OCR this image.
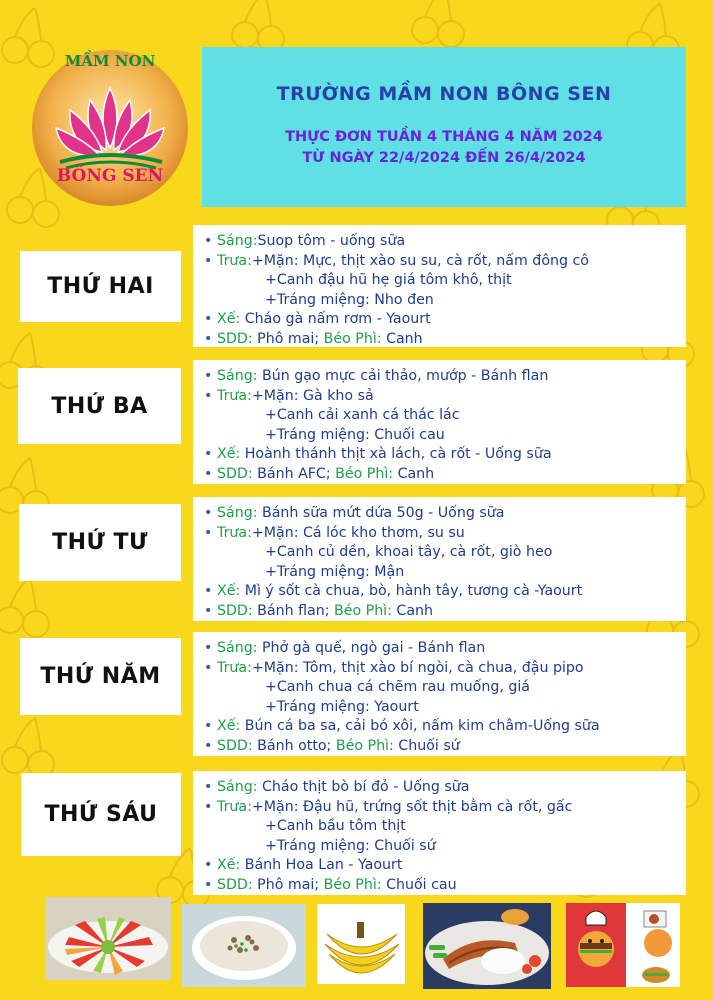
MẦM NON
BÔNG SEN
TRƯỜNG MẦM NON BÔNG SEN
THỰC ĐƠN TUẦN 4 THÁNG 4 NĂM 2024
TỪ NGÀY 22/4/2024 ĐẾN 26/4/2024
THỨ HAI
• Sáng:Suop tôm - uống sữa
• Trưa:+Mặn: Mực, thịt xào su su, cà rốt, nấm đông cô
+Canh đậu hũ hẹ giá tôm khô, thịt
+Tráng miệng: Nho đen
• Xế: Cháo gà nấm rơm - Yaourt
• SDD: Phô mai; Béo Phì: Canh
THỨ BA
• Sáng: Bún gạo mực cải thảo, mướp - Bánh flan
• Trưa:+Mặn: Gà kho sả
+Canh cải xanh cá thác lác
+Tráng miệng: Chuối cau
• Xế: Hoành thánh thịt xà lách, cà rốt - Uống sữa
• SDD: Bánh AFC; Béo Phì: Canh
THỨ TƯ
• Sáng: Bánh sữa mứt dứa 50g - Uống sữa
• Trưa:+Mặn: Cá lóc kho thơm, su su
+Canh củ dền, khoai tây, cà rốt, giò heo
+Tráng miệng: Mận
• Xế: Mì ý sốt cà chua, bò, hành tây, tương cà -Yaourt
• SDD: Bánh flan; Béo Phì: Canh
THỨ NĂM
• Sáng: Phở gà quế, ngò gai - Bánh flan
• Trưa:+Mặn: Tôm, thịt xào bí ngòi, cà chua, đậu pipo
+Canh chua cá chẽm rau muống, giá
+Tráng miệng: Yaourt
• Xế: Bún cá ba sa, cải bó xôi, nấm kim châm-Uống sữa
• SDD: Bánh otto; Béo Phì: Chuối sứ
THỨ SÁU
• Sáng: Cháo thịt bò bí đỏ - Uống sữa
• Trưa:+Mặn: Đậu hũ, trứng sốt thịt bằm cà rốt, gấc
+Canh bầu tôm thịt
+Tráng miệng: Chuối sứ
• Xế: Bánh Hoa Lan - Yaourt
• SDD: Phô mai; Béo Phì: Chuối cau
